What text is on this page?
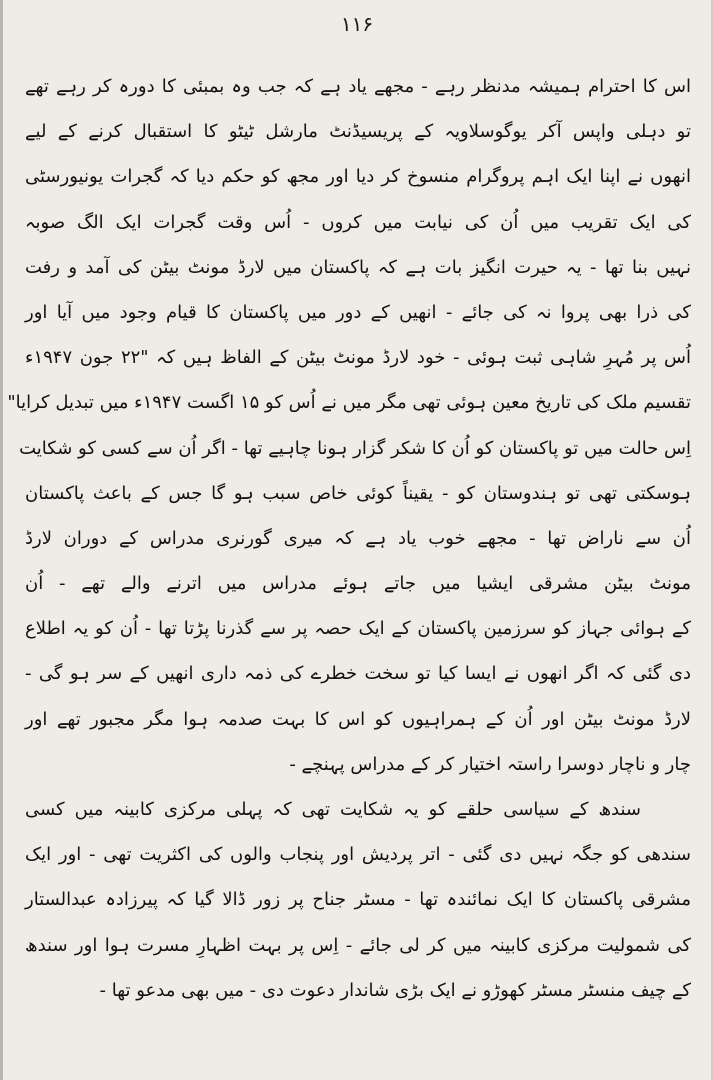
۱۱۶
اس کا احترام ہمیشہ مدنظر رہے - مجھے یاد ہے کہ جب وہ بمبئی کا دورہ کر رہے تھے
تو دہلی واپس آکر یوگوسلاویہ کے پریسیڈنٹ مارشل ٹیٹو کا استقبال کرنے کے لیے
انھوں نے اپنا ایک اہم پروگرام منسوخ کر دیا اور مجھ کو حکم دیا کہ گجرات یونیورسٹی
کی ایک تقریب میں اُن کی نیابت میں کروں - اُس وقت گجرات ایک الگ صوبہ
نہیں بنا تھا - یہ حیرت انگیز بات ہے کہ پاکستان میں لارڈ مونٹ بیٹن کی آمد و رفت
کی ذرا بھی پروا نہ کی جائے - انھیں کے دور میں پاکستان کا قیام وجود میں آیا اور
اُس پر مُہرِ شاہی ثبت ہوئی - خود لارڈ مونٹ بیٹن کے الفاظ ہیں کہ "۲۲ جون ۱۹۴۷ء
تقسیم ملک کی تاریخ معین ہوئی تھی مگر میں نے اُس کو ۱۵ اگست ۱۹۴۷ء میں تبدیل کرایا"
اِس حالت میں تو پاکستان کو اُن کا شکر گزار ہونا چاہیے تھا - اگر اُن سے کسی کو شکایت
ہوسکتی تھی تو ہندوستان کو - یقیناً کوئی خاص سبب ہو گا جس کے باعث پاکستان
اُن سے ناراض تھا - مجھے خوب یاد ہے کہ میری گورنری مدراس کے دوران لارڈ
مونٹ بیٹن مشرقی ایشیا میں جاتے ہوئے مدراس میں اترنے والے تھے - اُن
کے ہوائی جہاز کو سرزمین پاکستان کے ایک حصہ پر سے گذرنا پڑتا تھا - اُن کو یہ اطلاع
دی گئی کہ اگر انھوں نے ایسا کیا تو سخت خطرے کی ذمہ داری انھیں کے سر ہو گی -
لارڈ مونٹ بیٹن اور اُن کے ہمراہیوں کو اس کا بہت صدمہ ہوا مگر مجبور تھے اور
چار و ناچار دوسرا راستہ اختیار کر کے مدراس پہنچے -
سندھ کے سیاسی حلقے کو یہ شکایت تھی کہ پہلی مرکزی کابینہ میں کسی
سندھی کو جگہ نہیں دی گئی - اتر پردیش اور پنجاب والوں کی اکثریت تھی - اور ایک
مشرقی پاکستان کا ایک نمائندہ تھا - مسٹر جناح پر زور ڈالا گیا کہ پیرزادہ عبدالستار
کی شمولیت مرکزی کابینہ میں کر لی جائے - اِس پر بہت اظہارِ مسرت ہوا اور سندھ
کے چیف منسٹر مسٹر کھوڑو نے ایک بڑی شاندار دعوت دی - میں بھی مدعو تھا -
